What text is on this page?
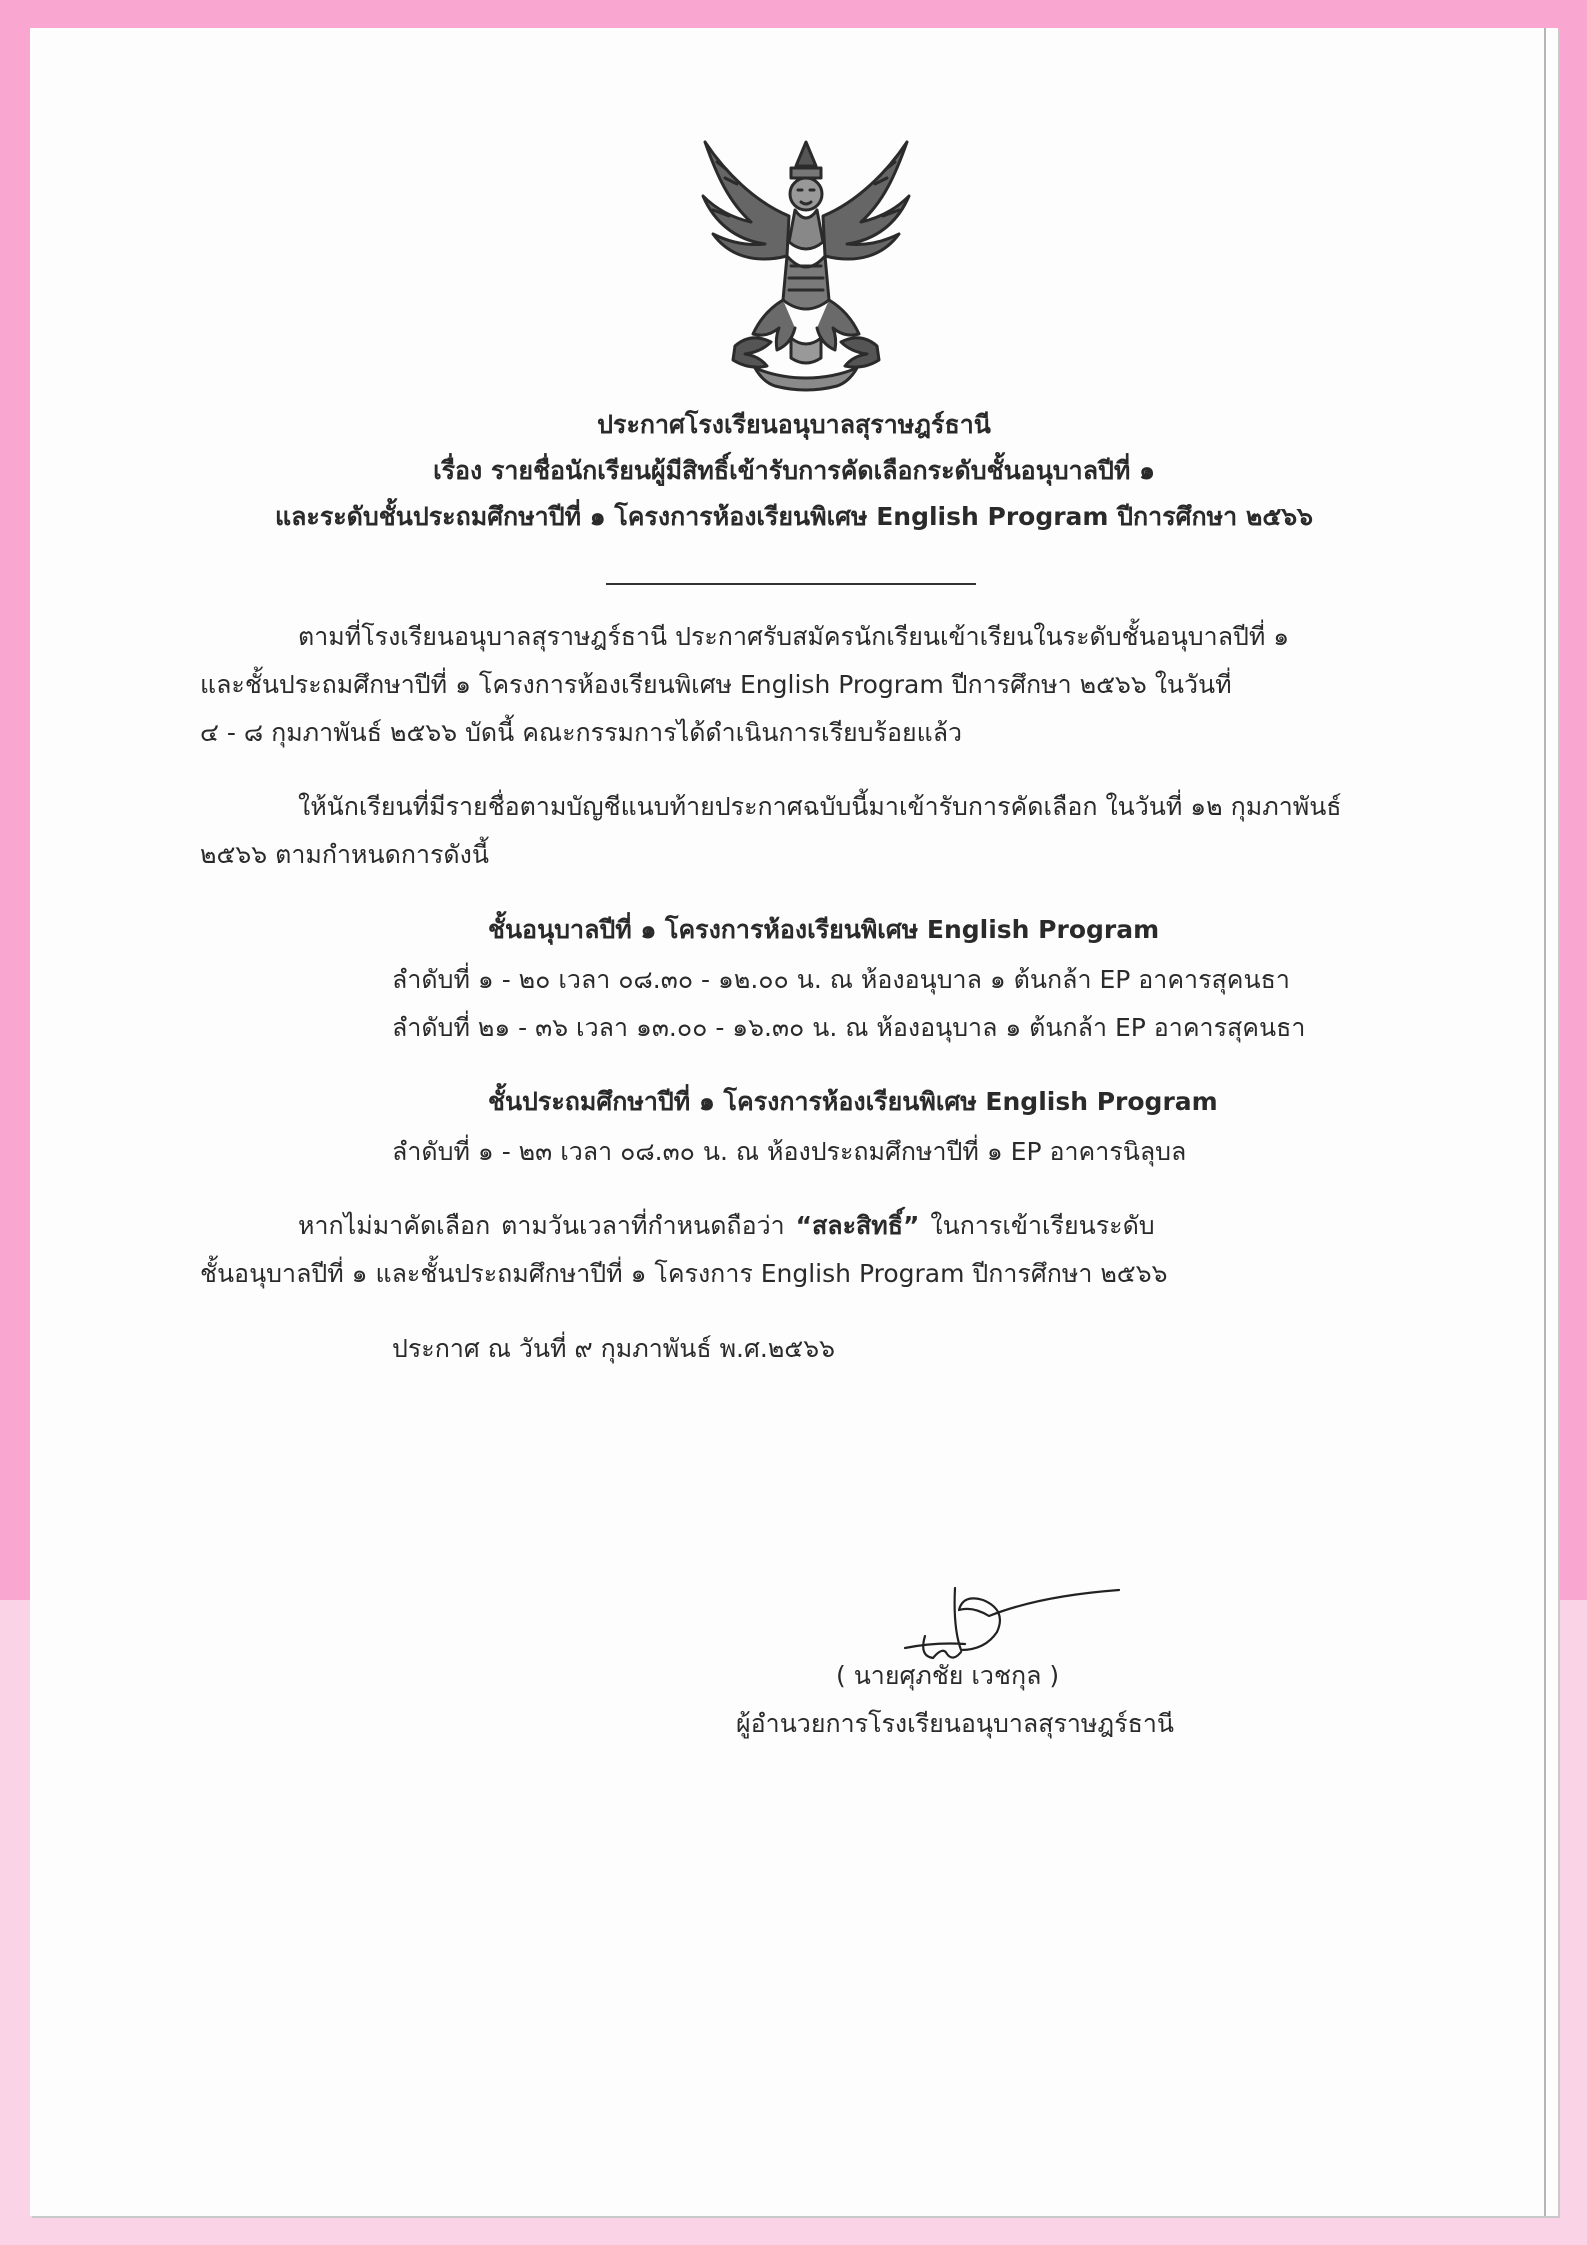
ประกาศโรงเรียนอนุบาลสุราษฎร์ธานี
เรื่อง รายชื่อนักเรียนผู้มีสิทธิ์เข้ารับการคัดเลือกระดับชั้นอนุบาลปีที่ ๑
และระดับชั้นประถมศึกษาปีที่ ๑ โครงการห้องเรียนพิเศษ English Program ปีการศึกษา ๒๕๖๖
ตามที่โรงเรียนอนุบาลสุราษฎร์ธานี ประกาศรับสมัครนักเรียนเข้าเรียนในระดับชั้นอนุบาลปีที่ ๑
และชั้นประถมศึกษาปีที่ ๑ โครงการห้องเรียนพิเศษ English Program ปีการศึกษา ๒๕๖๖ ในวันที่
๔ - ๘ กุมภาพันธ์ ๒๕๖๖ บัดนี้ คณะกรรมการได้ดำเนินการเรียบร้อยแล้ว
ให้นักเรียนที่มีรายชื่อตามบัญชีแนบท้ายประกาศฉบับนี้มาเข้ารับการคัดเลือก ในวันที่ ๑๒ กุมภาพันธ์
๒๕๖๖ ตามกำหนดการดังนี้
ชั้นอนุบาลปีที่ ๑ โครงการห้องเรียนพิเศษ English Program
ลำดับที่ ๑ - ๒๐ เวลา ๐๘.๓๐ - ๑๒.๐๐ น. ณ ห้องอนุบาล ๑ ต้นกล้า EP อาคารสุคนธา
ลำดับที่ ๒๑ - ๓๖ เวลา ๑๓.๐๐ - ๑๖.๓๐ น. ณ ห้องอนุบาล ๑ ต้นกล้า EP อาคารสุคนธา
ชั้นประถมศึกษาปีที่ ๑ โครงการห้องเรียนพิเศษ English Program
ลำดับที่ ๑ - ๒๓ เวลา ๐๘.๓๐ น. ณ ห้องประถมศึกษาปีที่ ๑ EP อาคารนิลุบล
หากไม่มาคัดเลือก ตามวันเวลาที่กำหนดถือว่า “สละสิทธิ์” ในการเข้าเรียนระดับ
ชั้นอนุบาลปีที่ ๑ และชั้นประถมศึกษาปีที่ ๑ โครงการ English Program ปีการศึกษา ๒๕๖๖
ประกาศ ณ วันที่ ๙ กุมภาพันธ์ พ.ศ.๒๕๖๖
( นายศุภชัย เวชกุล )
ผู้อำนวยการโรงเรียนอนุบาลสุราษฎร์ธานี
